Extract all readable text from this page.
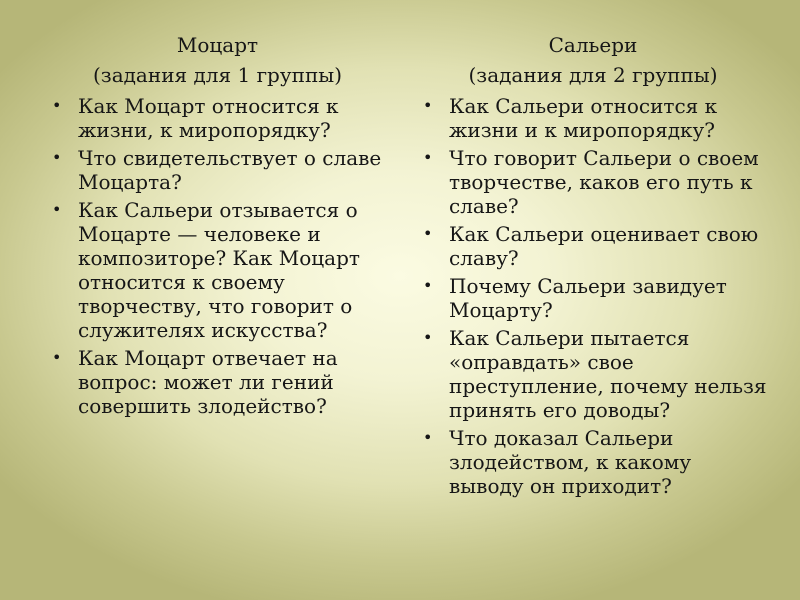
Моцарт
(задания для 1 группы)
• Как Моцарт относится к жизни, к миропорядку?
• Что свидетельствует о славе Моцарта?
• Как Сальери отзывается о Моцарте — человеке и композиторе? Как Моцарт относится к своему творчеству, что говорит о служителях искусства?
• Как Моцарт отвечает на вопрос: может ли гений совершить злодейство?
Сальери
(задания для 2 группы)
• Как Сальери относится к жизни и к миропорядку?
• Что говорит Сальери о своем творчестве, каков его путь к славе?
• Как Сальери оценивает свою славу?
• Почему Сальери завидует Моцарту?
• Как Сальери пытается «оправдать» свое преступление, почему нельзя принять его доводы?
• Что доказал Сальери злодейством, к какому выводу он приходит?
